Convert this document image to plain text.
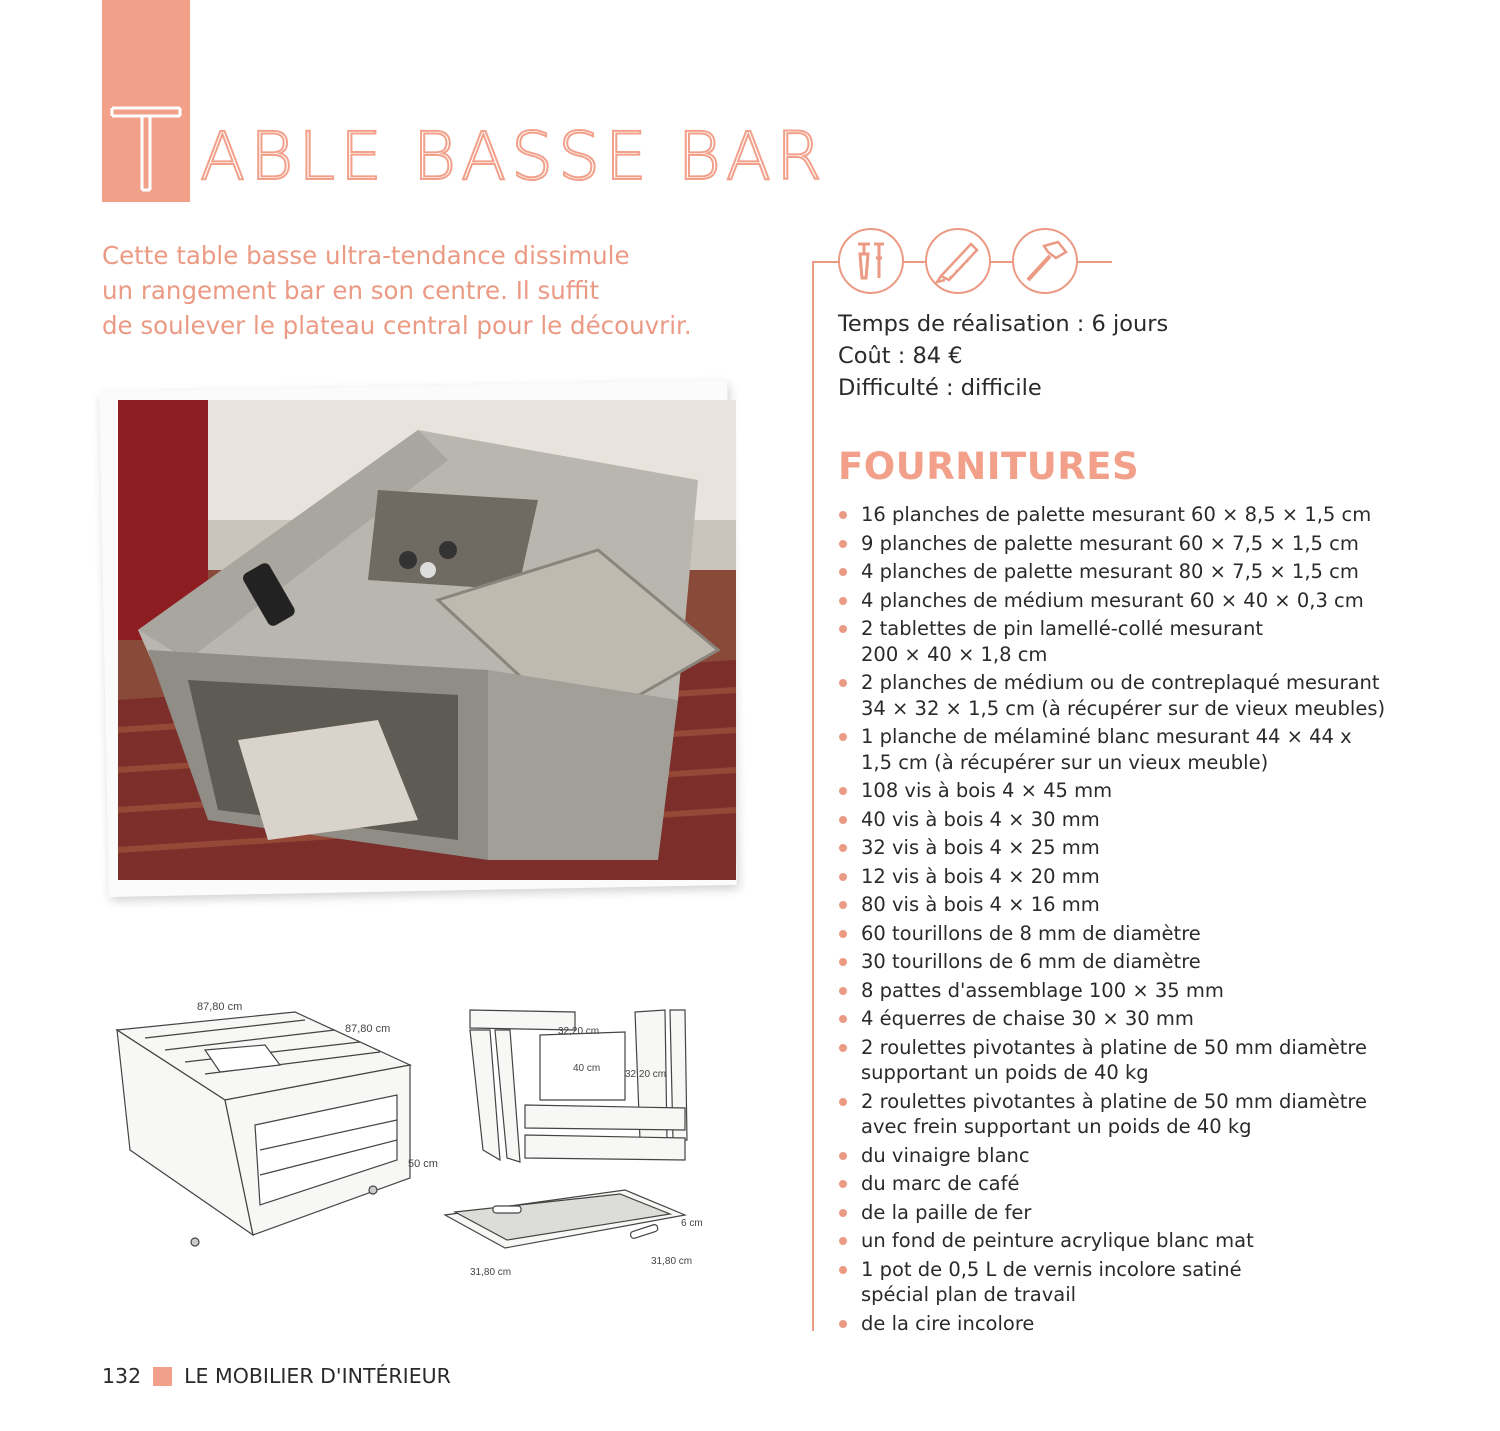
ABLE BASSE BAR
Cette table basse ultra-tendance dissimule
un rangement bar en son centre. Il suffit
de soulever le plateau central pour le découvrir.
87,80 cm
87,80 cm
50 cm
32,20 cm
40 cm
32,20 cm
6 cm
31,80 cm
31,80 cm
Temps de réalisation : 6 jours
Coût : 84 €
Difficulté : difficile
FOURNITURES
16 planches de palette mesurant 60 × 8,5 × 1,5 cm
9 planches de palette mesurant 60 × 7,5 × 1,5 cm
4 planches de palette mesurant 80 × 7,5 × 1,5 cm
4 planches de médium mesurant 60 × 40 × 0,3 cm
2 tablettes de pin lamellé-collé mesurant
200 × 40 × 1,8 cm
2 planches de médium ou de contreplaqué mesurant
34 × 32 × 1,5 cm (à récupérer sur de vieux meubles)
1 planche de mélaminé blanc mesurant 44 × 44 x
1,5 cm (à récupérer sur un vieux meuble)
108 vis à bois 4 × 45 mm
40 vis à bois 4 × 30 mm
32 vis à bois 4 × 25 mm
12 vis à bois 4 × 20 mm
80 vis à bois 4 × 16 mm
60 tourillons de 8 mm de diamètre
30 tourillons de 6 mm de diamètre
8 pattes d'assemblage 100 × 35 mm
4 équerres de chaise 30 × 30 mm
2 roulettes pivotantes à platine de 50 mm diamètre
supportant un poids de 40 kg
2 roulettes pivotantes à platine de 50 mm diamètre
avec frein supportant un poids de 40 kg
du vinaigre blanc
du marc de café
de la paille de fer
un fond de peinture acrylique blanc mat
1 pot de 0,5 L de vernis incolore satiné
spécial plan de travail
de la cire incolore
132 LE MOBILIER D'INTÉRIEUR
